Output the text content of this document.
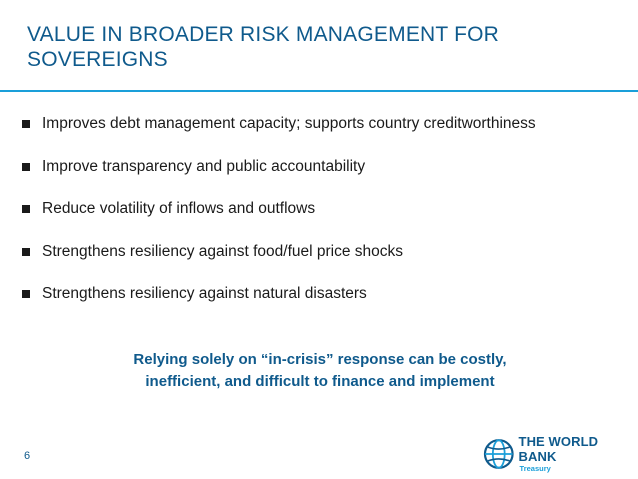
VALUE IN BROADER RISK MANAGEMENT FOR SOVEREIGNS
Improves debt management capacity; supports country creditworthiness
Improve transparency and public accountability
Reduce volatility of inflows and outflows
Strengthens resiliency against food/fuel price shocks
Strengthens resiliency against natural disasters
Relying solely on “in-crisis” response can be costly,
inefficient, and difficult to finance and implement
6
THE WORLD BANK
Treasury
